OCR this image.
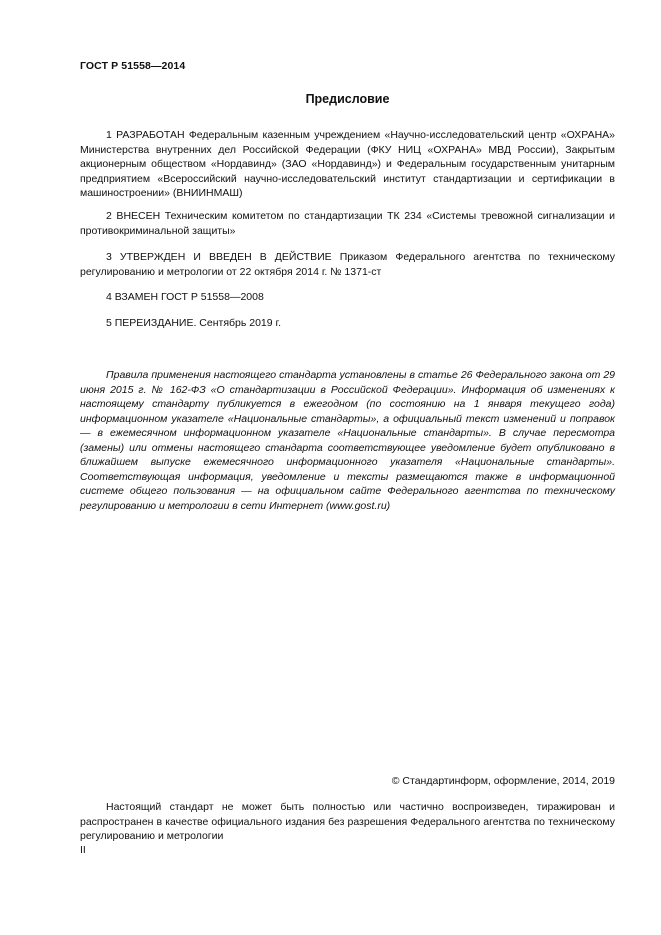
ГОСТ Р 51558—2014
Предисловие

1 РАЗРАБОТАН Федеральным казенным учреждением «Научно-исследовательский центр «ОХРАНА» Министерства внутренних дел Российской Федерации (ФКУ НИЦ «ОХРАНА» МВД России), Закрытым акционерным обществом «Нордавинд» (ЗАО «Нордавинд») и Федеральным государственным унитарным предприятием «Всероссийский научно-исследовательский институт стандартизации и сертификации в машиностроении» (ВНИИНМАШ)

2 ВНЕСЕН Техническим комитетом по стандартизации ТК 234 «Системы тревожной сигнализации и противокриминальной защиты»

3 УТВЕРЖДЕН И ВВЕДЕН В ДЕЙСТВИЕ Приказом Федерального агентства по техническому регулированию и метрологии от 22 октября 2014 г. № 1371-ст

4 ВЗАМЕН ГОСТ Р 51558—2008

5 ПЕРЕИЗДАНИЕ. Сентябрь 2019 г.

Правила применения настоящего стандарта установлены в статье 26 Федерального закона от 29 июня 2015 г. № 162-ФЗ «О стандартизации в Российской Федерации». Информация об изменениях к настоящему стандарту публикуется в ежегодном (по состоянию на 1 января текущего года) информационном указателе «Национальные стандарты», а официальный текст изменений и поправок — в ежемесячном информационном указателе «Национальные стандарты». В случае пересмотра (замены) или отмены настоящего стандарта соответствующее уведомление будет опубликовано в ближайшем выпуске ежемесячного информационного указателя «Национальные стандарты». Соответствующая информация, уведомление и тексты размещаются также в информационной системе общего пользования — на официальном сайте Федерального агентства по техническому регулированию и метрологии в сети Интернет (www.gost.ru)

© Стандартинформ, оформление, 2014, 2019

Настоящий стандарт не может быть полностью или частично воспроизведен, тиражирован и распространен в качестве официального издания без разрешения Федерального агентства по техническому регулированию и метрологии

II
